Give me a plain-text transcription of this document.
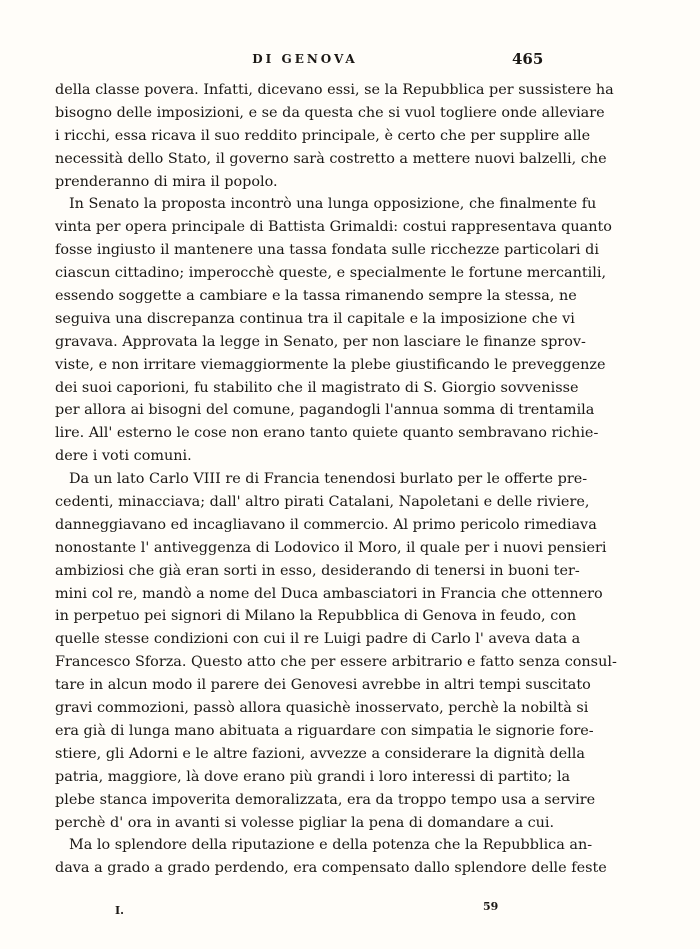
DI GENOVA	465
della classe povera. Infatti, dicevano essi, se la Repubblica per sussistere ha
bisogno delle imposizioni, e se da questa che si vuol togliere onde alleviare
i ricchi, essa ricava il suo reddito principale, è certo che per supplire alle
necessità dello Stato, il governo sarà costretto a mettere nuovi balzelli, che
prenderanno di mira il popolo.
In Senato la proposta incontrò una lunga opposizione, che finalmente fu
vinta per opera principale di Battista Grimaldi: costui rappresentava quanto
fosse ingiusto il mantenere una tassa fondata sulle ricchezze particolari di
ciascun cittadino; imperocchè queste, e specialmente le fortune mercantili,
essendo soggette a cambiare e la tassa rimanendo sempre la stessa, ne
seguiva una discrepanza continua tra il capitale e la imposizione che vi
gravava. Approvata la legge in Senato, per non lasciare le finanze sprov-
viste, e non irritare viemaggiormente la plebe giustificando le preveggenze
dei suoi caporioni, fu stabilito che il magistrato di S. Giorgio sovvenisse
per allora ai bisogni del comune, pagandogli l'annua somma di trentamila
lire. All' esterno le cose non erano tanto quiete quanto sembravano richie-
dere i voti comuni.
Da un lato Carlo VIII re di Francia tenendosi burlato per le offerte pre-
cedenti, minacciava; dall' altro pirati Catalani, Napoletani e delle riviere,
danneggiavano ed incagliavano il commercio. Al primo pericolo rimediava
nonostante l' antiveggenza di Lodovico il Moro, il quale per i nuovi pensieri
ambiziosi che già eran sorti in esso, desiderando di tenersi in buoni ter-
mini col re, mandò a nome del Duca ambasciatori in Francia che ottennero
in perpetuo pei signori di Milano la Repubblica di Genova in feudo, con
quelle stesse condizioni con cui il re Luigi padre di Carlo l' aveva data a
Francesco Sforza. Questo atto che per essere arbitrario e fatto senza consul-
tare in alcun modo il parere dei Genovesi avrebbe in altri tempi suscitato
gravi commozioni, passò allora quasichè inosservato, perchè la nobiltà si
era già di lunga mano abituata a riguardare con simpatia le signorie fore-
stiere, gli Adorni e le altre fazioni, avvezze a considerare la dignità della
patria, maggiore, là dove erano più grandi i loro interessi di partito; la
plebe stanca impoverita demoralizzata, era da troppo tempo usa a servire
perchè d' ora in avanti si volesse pigliar la pena di domandare a cui.
Ma lo splendore della riputazione e della potenza che la Repubblica an-
dava a grado a grado perdendo, era compensato dallo splendore delle feste
I.	59
